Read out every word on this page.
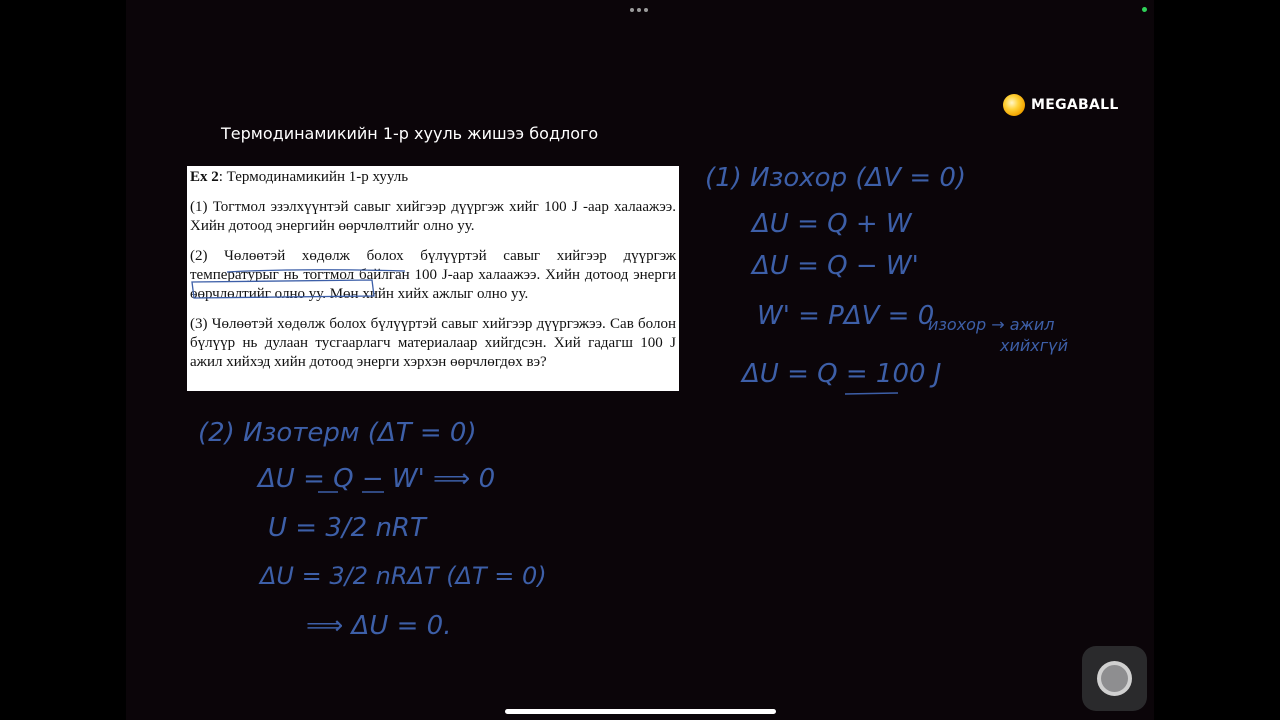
MEGABALL
Термодинамикийн 1-р хууль жишээ бодлого

Ex 2: Термодинамикийн 1-р хууль

(1) Тогтмол эзэлхүүнтэй савыг хийгээр дүүргэж хийг 100 J -аар халаажээ. Хийн дотоод энергийн өөрчлөлтийг олно уу.

(2) Чөлөөтэй хөдөлж болох бүлүүртэй савыг хийгээр дүүргэж температурыг нь тогтмол байлган 100 J-аар халаажээ. Хийн дотоод энерги өөрчлөлтийг олно уу. Мөн хийн хийх ажлыг олно уу.

(3) Чөлөөтэй хөдөлж болох бүлүүртэй савыг хийгээр дүүргэжээ. Сав болон бүлүүр нь дулаан тусгаарлагч материалаар хийгдсэн. Хий гадагш 100 J ажил хийхэд хийн дотоод энерги хэрхэн өөрчлөгдөх вэ?

(1) Изохор (ΔV = 0)
ΔU = Q + W
ΔU = Q − W'
W' = PΔV = 0
изохор → ажил
хийхгүй
ΔU = Q = 100 J
(2) Изотерм (ΔT = 0)
ΔU = Q − W' ⟹ 0
U = 3/2 nRT
ΔU = 3/2 nRΔT (ΔT = 0)
⟹ ΔU = 0.
